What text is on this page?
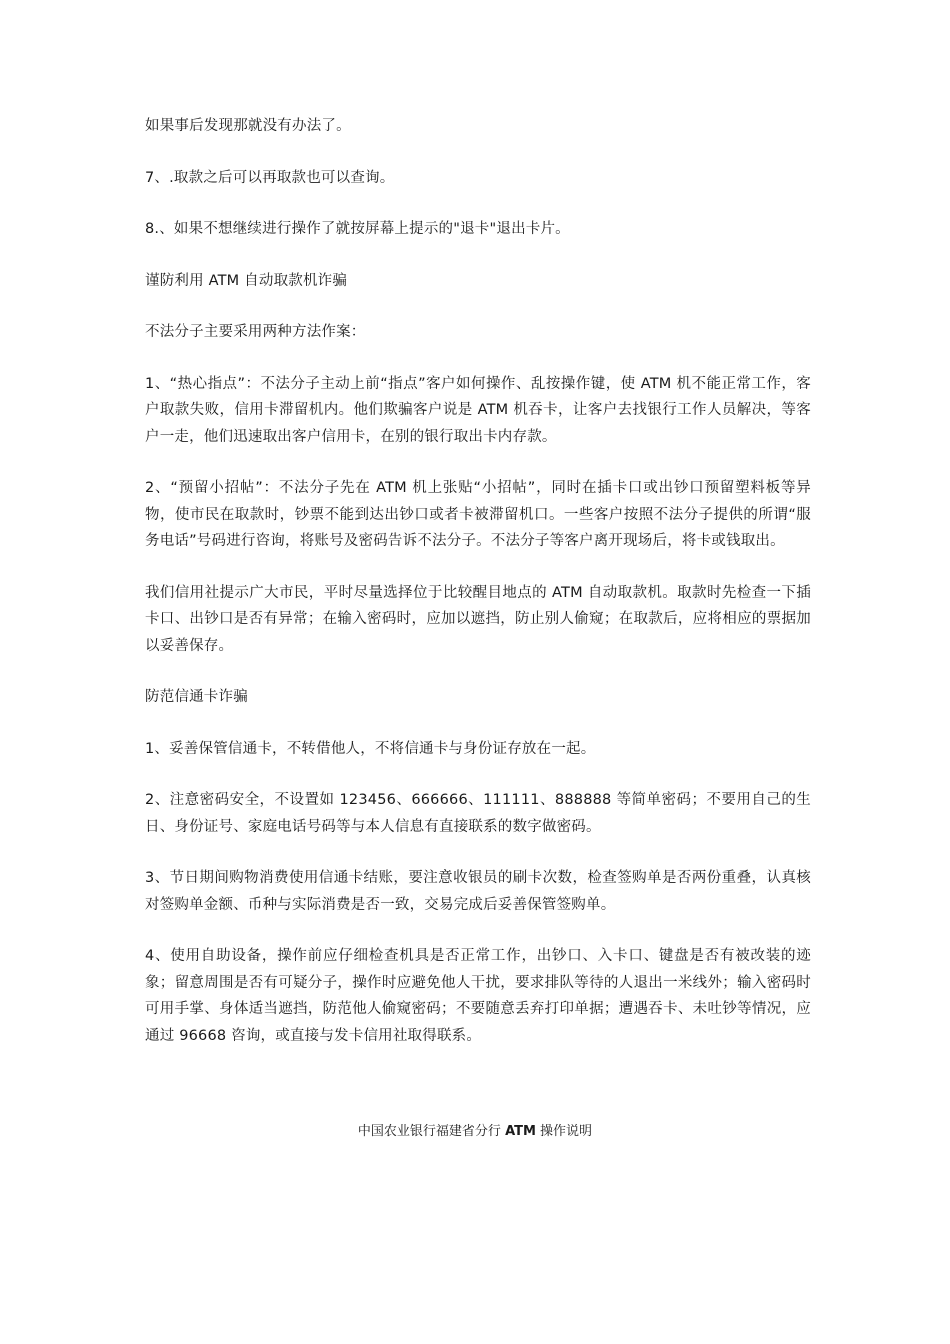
如果事后发现那就没有办法了。

7、.取款之后可以再取款也可以查询。

8.、如果不想继续进行操作了就按屏幕上提示的"退卡"退出卡片。

谨防利用 ATM 自动取款机诈骗

不法分子主要采用两种方法作案：

1、“热心指点”：不法分子主动上前“指点”客户如何操作、乱按操作键，使 ATM 机不能正常工作，客户取款失败，信用卡滞留机内。他们欺骗客户说是 ATM 机吞卡，让客户去找银行工作人员解决，等客户一走，他们迅速取出客户信用卡，在别的银行取出卡内存款。

2、“预留小招帖”：不法分子先在 ATM 机上张贴“小招帖”，同时在插卡口或出钞口预留塑料板等异物，使市民在取款时，钞票不能到达出钞口或者卡被滞留机口。一些客户按照不法分子提供的所谓“服务电话”号码进行咨询，将账号及密码告诉不法分子。不法分子等客户离开现场后，将卡或钱取出。

我们信用社提示广大市民，平时尽量选择位于比较醒目地点的 ATM 自动取款机。取款时先检查一下插卡口、出钞口是否有异常；在输入密码时，应加以遮挡，防止别人偷窥；在取款后，应将相应的票据加以妥善保存。

防范信通卡诈骗

1、妥善保管信通卡，不转借他人，不将信通卡与身份证存放在一起。

2、注意密码安全，不设置如 123456、666666、111111、888888 等简单密码；不要用自己的生日、身份证号、家庭电话号码等与本人信息有直接联系的数字做密码。

3、节日期间购物消费使用信通卡结账，要注意收银员的刷卡次数，检查签购单是否两份重叠，认真核对签购单金额、币种与实际消费是否一致，交易完成后妥善保管签购单。

4、使用自助设备，操作前应仔细检查机具是否正常工作，出钞口、入卡口、键盘是否有被改装的迹象；留意周围是否有可疑分子，操作时应避免他人干扰，要求排队等待的人退出一米线外；输入密码时可用手掌、身体适当遮挡，防范他人偷窥密码；不要随意丢弃打印单据；遭遇吞卡、未吐钞等情况，应通过 96668 咨询，或直接与发卡信用社取得联系。

中国农业银行福建省分行 ATM 操作说明
